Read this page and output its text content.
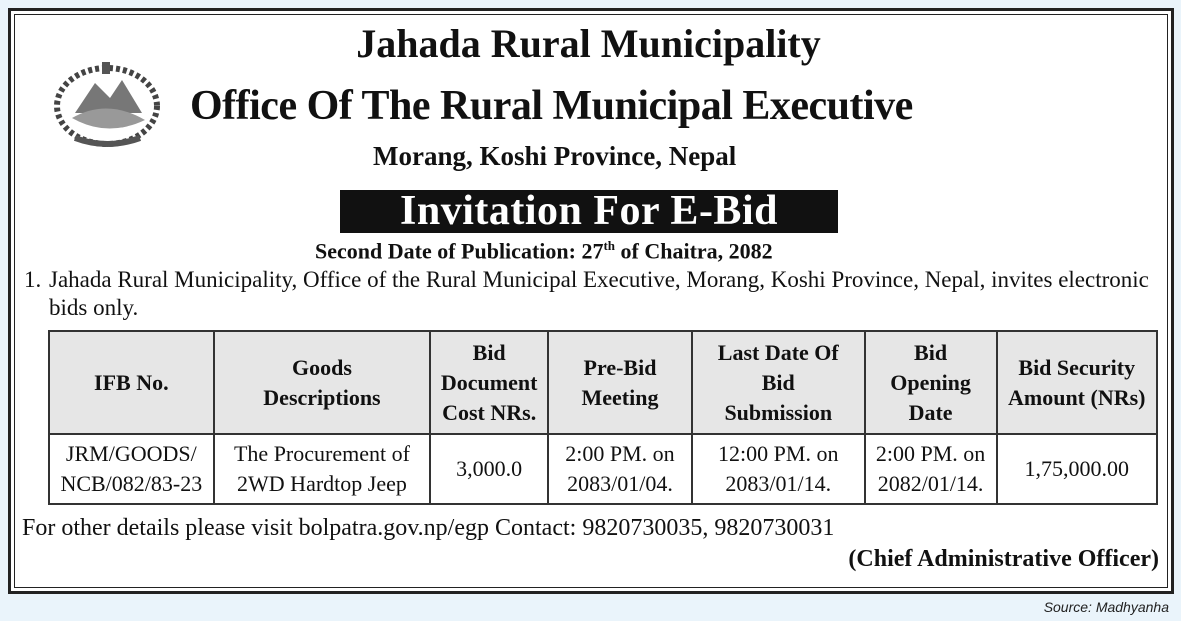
Jahada Rural Municipality
Office Of The Rural Municipal Executive
Morang, Koshi Province, Nepal
Invitation For E-Bid
Second Date of Publication: 27th of Chaitra, 2082
1. Jahada Rural Municipality, Office of the Rural Municipal Executive, Morang, Koshi Province, Nepal, invites electronic bids only.
IFB No.	Goods Descriptions	Bid Document Cost NRs.	Pre-Bid Meeting	Last Date Of Bid Submission	Bid Opening Date	Bid Security Amount (NRs)
JRM/GOODS/ NCB/082/83-23	The Procurement of 2WD Hardtop Jeep	3,000.0	2:00 PM. on 2083/01/04.	12:00 PM. on 2083/01/14.	2:00 PM. on 2082/01/14.	1,75,000.00
For other details please visit bolpatra.gov.np/egp Contact: 9820730035, 9820730031
(Chief Administrative Officer)
Source: Madhyanha
